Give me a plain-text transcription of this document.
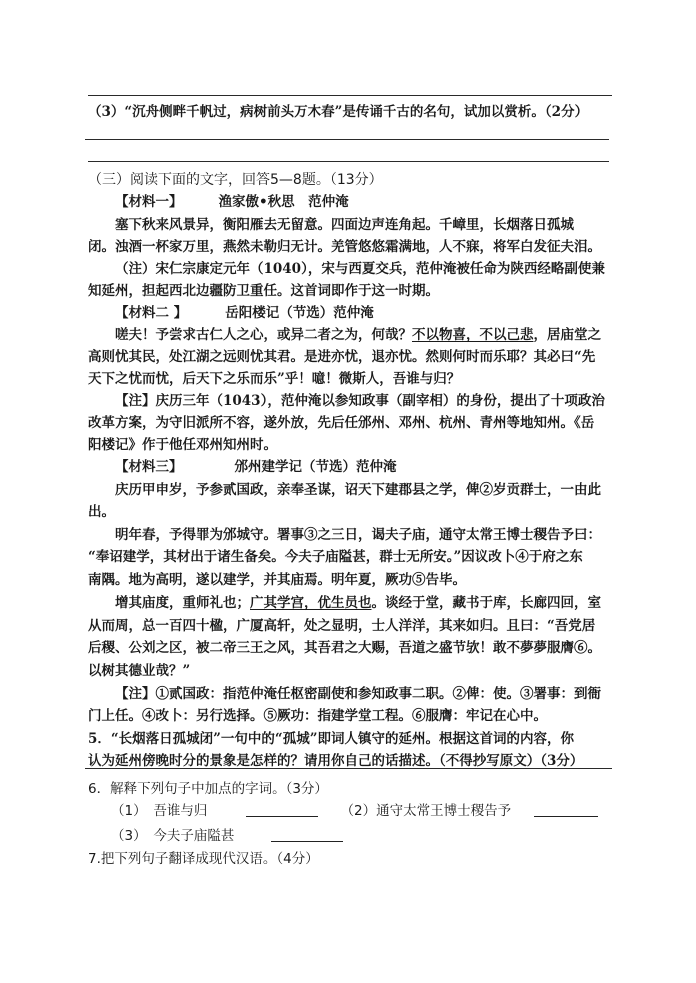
（3）“沉舟侧畔千帆过，病树前头万木春”是传诵千古的名句，试加以赏析。（2分）
（三）阅读下面的文字，回答5—8题。（13分）
【材料一】	渔家傲•秋思　范仲淹
塞下秋来风景异，衡阳雁去无留意。四面边声连角起。千嶂里，长烟落日孤城
闭。浊酒一杯家万里，燕然未勒归无计。羌管悠悠霜满地，人不寐，将军白发征夫泪。
（注）宋仁宗康定元年（1040），宋与西夏交兵，范仲淹被任命为陕西经略副使兼
知延州，担起西北边疆防卫重任。这首词即作于这一时期。
【材料二 】	岳阳楼记（节选）范仲淹
嗟夫！予尝求古仁人之心，或异二者之为，何哉？不以物喜，不以己悲，居庙堂之
高则忧其民，处江湖之远则忧其君。是进亦忧，退亦忧。然则何时而乐耶？其必曰“先
天下之忧而忧，后天下之乐而乐”乎！噫！微斯人，吾谁与归？
【注】庆历三年（1043），范仲淹以参知政事（副宰相）的身份，提出了十项政治
改革方案，为守旧派所不容，遂外放，先后任邠州、邓州、杭州、青州等地知州。《岳
阳楼记》作于他任邓州知州时。
【材料三】	邠州建学记（节选）范仲淹
庆历甲申岁，予参贰国政，亲奉圣谋，诏天下建郡县之学，俾②岁贡群士，一由此
出。
明年春，予得罪为邠城守。署事③之三日，谒夫子庙，通守太常王博士稷告予曰：
“奉诏建学，其材出于诸生备矣。今夫子庙隘甚，群士无所安。”因议改卜④于府之东
南隅。地为高明，遂以建学，并其庙焉。明年夏，厥功⑤告毕。
增其庙度，重师礼也；广其学宫，优生员也。谈经于堂，藏书于库，长廊四回，室
从而周，总一百四十楹，广厦高轩，处之显明，士人洋洋，其来如归。且曰：“吾党居
后稷、公刘之区，被二帝三王之风，其吾君之大赐，吾道之盛节欤！敢不夢夢服膺⑥。
以树其德业哉？”
【注】①贰国政：指范仲淹任枢密副使和参知政事二职。②俾：使。③署事：到衙
门上任。④改卜：另行选择。⑤厥功：指建学堂工程。⑥服膺：牢记在心中。
5．“长烟落日孤城闭”一句中的“孤城”即词人镇守的延州。根据这首词的内容，你
认为延州傍晚时分的景象是怎样的？请用你自己的话描述。（不得抄写原文）（3分）
6．解释下列句子中加点的字词。（3分）
（1）　吾谁与归	（2）通守太常王博士稷告予
（3）　今夫子庙隘甚
7.把下列句子翻译成现代汉语。（4分）
